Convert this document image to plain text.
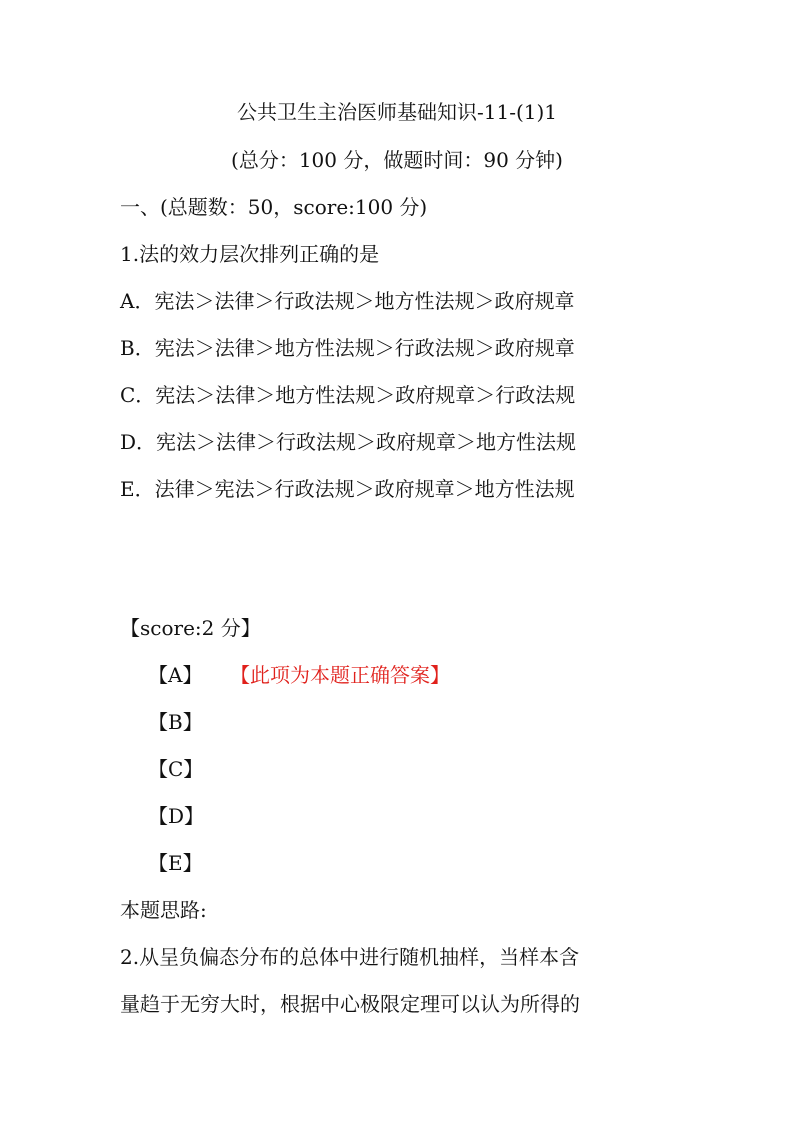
公共卫生主治医师基础知识-11-(1)1
(总分：100 分，做题时间：90 分钟)
一、(总题数：50，score:100 分)
1.法的效力层次排列正确的是
A．宪法＞法律＞行政法规＞地方性法规＞政府规章
B．宪法＞法律＞地方性法规＞行政法规＞政府规章
C．宪法＞法律＞地方性法规＞政府规章＞行政法规
D．宪法＞法律＞行政法规＞政府规章＞地方性法规
E．法律＞宪法＞行政法规＞政府规章＞地方性法规
【score:2 分】
【A】 【此项为本题正确答案】
【B】
【C】
【D】
【E】
本题思路:
2.从呈负偏态分布的总体中进行随机抽样，当样本含
量趋于无穷大时，根据中心极限定理可以认为所得的
